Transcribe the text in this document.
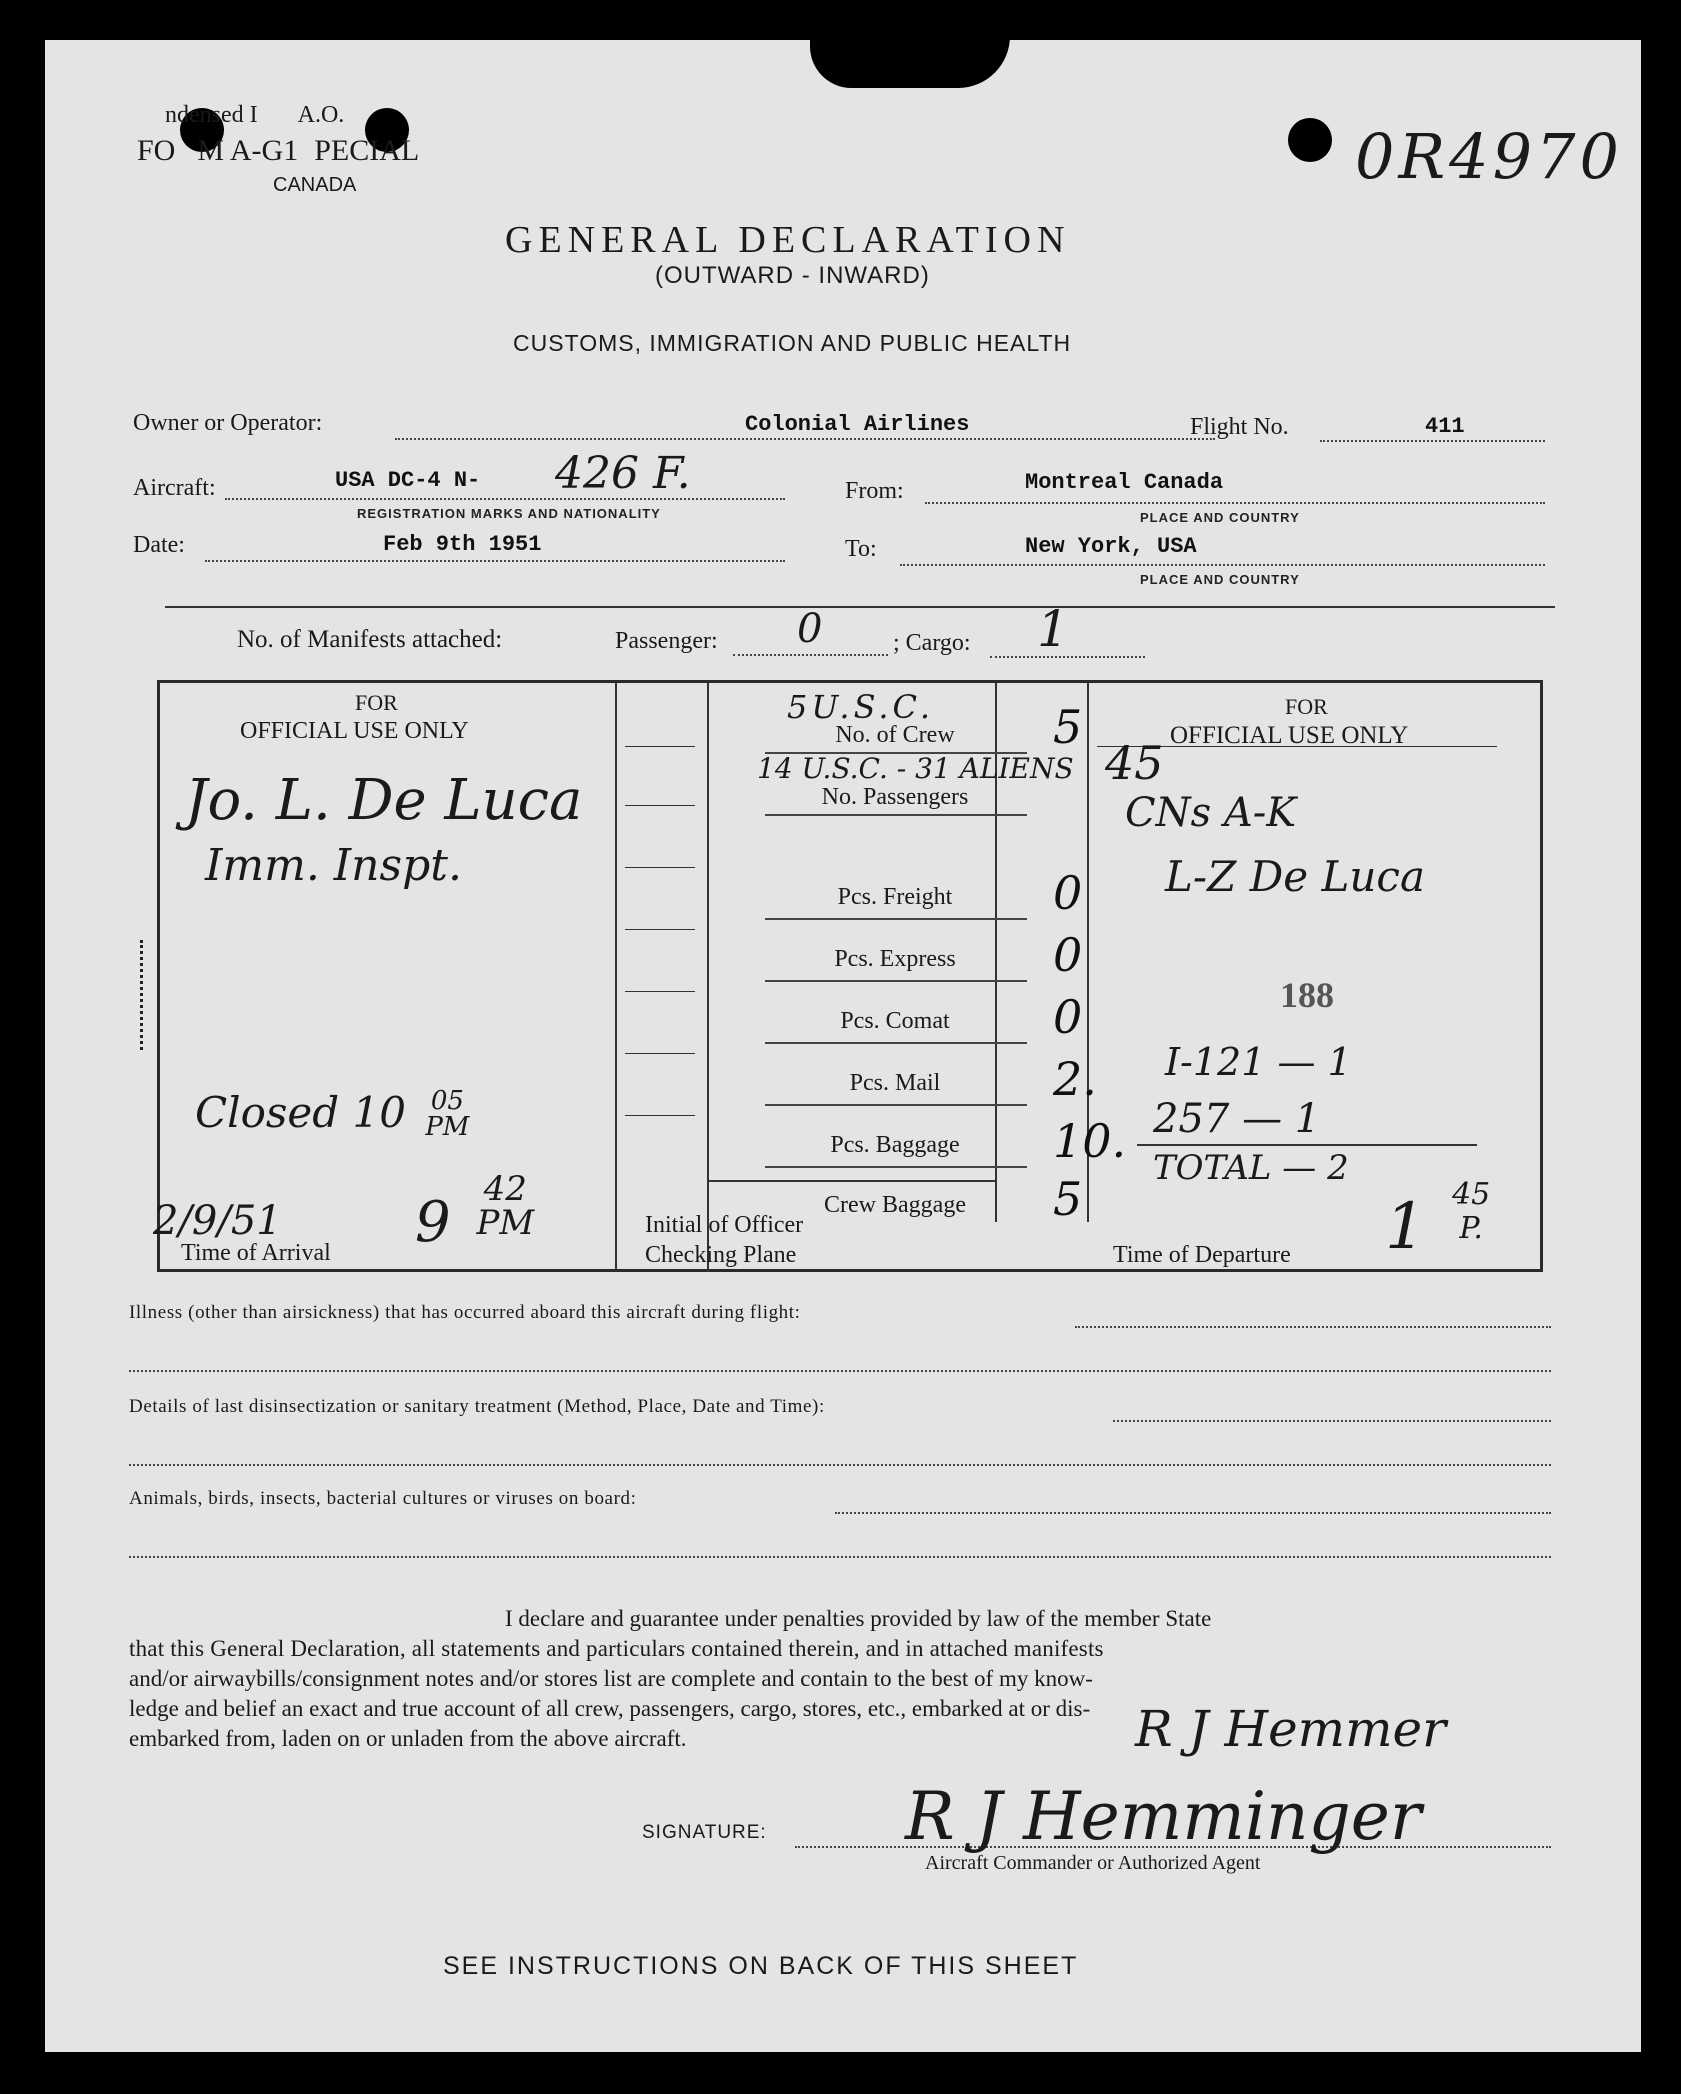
ndensed I A.O.
FO M A-G1 PECIAL
CANADA	0R4970
GENERAL DECLARATION
(OUTWARD - INWARD)
CUSTOMS, IMMIGRATION AND PUBLIC HEALTH
Owner or Operator:	Colonial Airlines	Flight No.	411
Aircraft:	USA DC-4 N- 426 F.
REGISTRATION MARKS AND NATIONALITY
From:	Montreal Canada
PLACE AND COUNTRY
Date:	Feb 9th 1951	To:	New York, USA
PLACE AND COUNTRY
No. of Manifests attached:	Passenger: 0	; Cargo: 1
FOR
OFFICIAL USE ONLY
Jo. L. De Luca
Imm. Inspt.
Closed 10 05
PM
2/9/51 9
42
PM
Time of Arrival
5U.S.C.
14 U.S.C. - 31 ALIENS 45
No. of Crew	5
No. Passengers
Pcs. Freight	0
Pcs. Express	0
Pcs. Comat	0
Pcs. Mail	2.
Pcs. Baggage	10.
Crew Baggage	5
Initial of Officer
Checking Plane
FOR
OFFICIAL USE ONLY
CNs A-K
L-Z De Luca
188
I-121 — 1
257 — 1
TOTAL — 2
Time of Departure 1 45
P.
Illness (other than airsickness) that has occurred aboard this aircraft during flight:
Details of last disinsectization or sanitary treatment (Method, Place, Date and Time):
Animals, birds, insects, bacterial cultures or viruses on board:
I declare and guarantee under penalties provided by law of the member State
that this General Declaration, all statements and particulars contained therein, and in attached manifests
and/or airwaybills/consignment notes and/or stores list are complete and contain to the best of my know-
ledge and belief an exact and true account of all crew, passengers, cargo, stores, etc., embarked at or dis-
embarked from, laden on or unladen from the above aircraft.	R J Hemmer
SIGNATURE: R J Hemminger
Aircraft Commander or Authorized Agent
SEE INSTRUCTIONS ON BACK OF THIS SHEET
